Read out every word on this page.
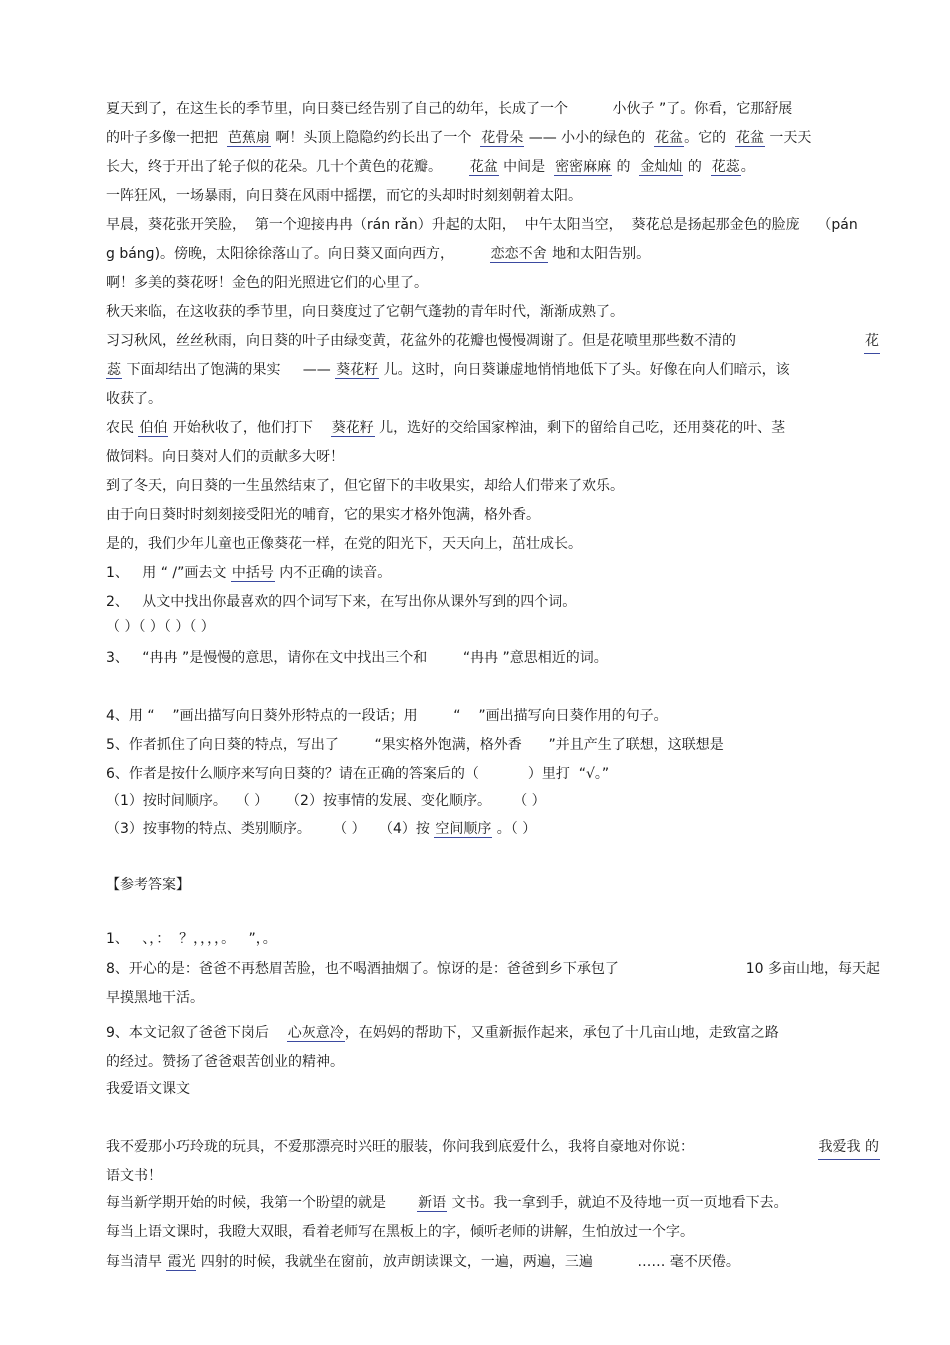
夏天到了，在这生长的季节里，向日葵已经告别了自己的幼年，长成了一个          小伙子 ”了。你看，它那舒展
的叶子多像一把把  芭蕉扇 啊！头顶上隐隐约约长出了一个  花骨朵 —— 小小的绿色的  花盆。它的  花盆 一天天
长大，终于开出了轮子似的花朵。几十个黄色的花瓣。      花盆 中间是  密密麻麻 的  金灿灿 的  花蕊。
一阵狂风，一场暴雨，向日葵在风雨中摇摆，而它的头却时时刻刻朝着太阳。
早晨，葵花张开笑脸，  第一个迎接冉冉（rán rǎn）升起的太阳，  中午太阳当空，  葵花总是扬起那金色的脸庞    （pán
g bánɡ)。傍晚，太阳徐徐落山了。向日葵又面向西方，        恋恋不舍 地和太阳告别。
啊！多美的葵花呀！金色的阳光照进它们的心里了。
秋天来临，在这收获的季节里，向日葵度过了它朝气蓬勃的青年时代，渐渐成熟了。
习习秋风，丝丝秋雨，向日葵的叶子由绿变黄，花盆外的花瓣也慢慢凋谢了。但是花喷里那些数不清的	花
蕊 下面却结出了饱满的果实     —— 葵花籽 儿。这时，向日葵谦虚地悄悄地低下了头。好像在向人们暗示，该
收获了。
农民 伯伯 开始秋收了，他们打下    葵花籽 儿，选好的交给国家榨油，剩下的留给自己吃，还用葵花的叶、茎
做饲料。向日葵对人们的贡献多大呀！
到了冬天，向日葵的一生虽然结束了，但它留下的丰收果实，却给人们带来了欢乐。
由于向日葵时时刻刻接受阳光的哺育，它的果实才格外饱满，格外香。
是的，我们少年儿童也正像葵花一样，在党的阳光下，天天向上，茁壮成长。
1、   用 “ /”画去文 中括号 内不正确的读音。
2、   从文中找出你最喜欢的四个词写下来，在写出你从课外写到的四个词。
（ ）（ ）（ ）（ ）
3、   “冉冉 ”是慢慢的意思，请你在文中找出三个和        “冉冉 ”意思相近的词。
4、用 “    ”画出描写向日葵外形特点的一段话；用        “    ”画出描写向日葵作用的句子。
5、作者抓住了向日葵的特点，写出了        “果实格外饱满，格外香      ”并且产生了联想，这联想是
6、作者是按什么顺序来写向日葵的？请在正确的答案后的（           ）里打  “√。”
（1）按时间顺序。  （ ）    （2）按事情的发展、变化顺序。     （ ）
（3）按事物的特点、类别顺序。     （ ）   （4）按 空间顺序 。（ ）
【参考答案】
1、   、，：  ？，，，，。   ”，。
8、开心的是：爸爸不再愁眉苦脸，也不喝酒抽烟了。惊讶的是：爸爸到乡下承包了	10 多亩山地，每天起
早摸黑地干活。
9、本文记叙了爸爸下岗后    心灰意冷，在妈妈的帮助下，又重新振作起来，承包了十几亩山地，走致富之路
的经过。赞扬了爸爸艰苦创业的精神。
我爱语文课文
我不爱那小巧玲珑的玩具，不爱那漂亮时兴旺的服装，你问我到底爱什么，我将自豪地对你说：	我爱我 的
语文书！
每当新学期开始的时候，我第一个盼望的就是       新语 文书。我一拿到手，就迫不及待地一页一页地看下去。
每当上语文课时，我瞪大双眼，看着老师写在黑板上的字，倾听老师的讲解，生怕放过一个字。
每当清早 霞光 四射的时候，我就坐在窗前，放声朗读课文，一遍，两遍，三遍          …… 毫不厌倦。
